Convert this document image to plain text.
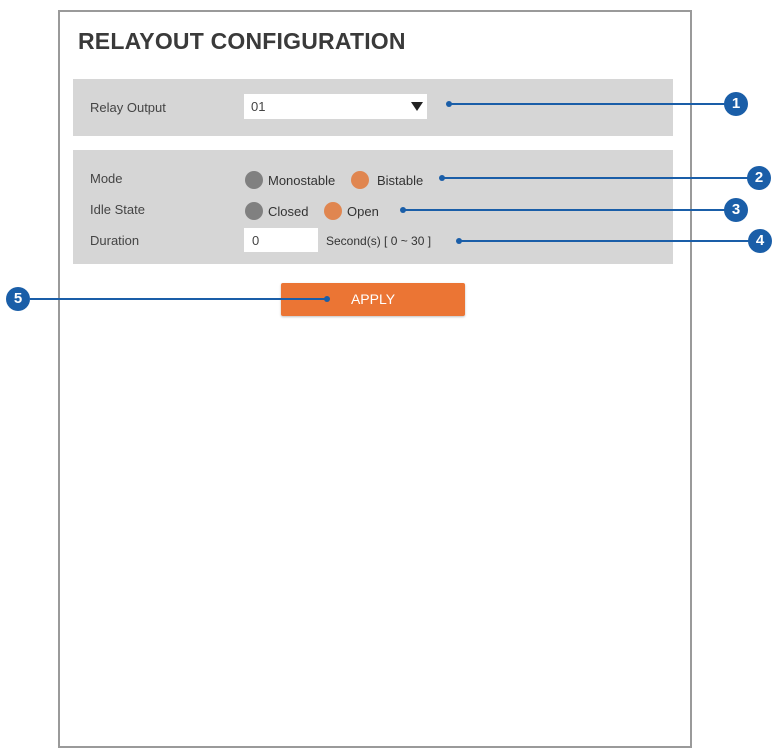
RELAYOUT CONFIGURATION
Relay Output	01
Mode	Monostable	Bistable
Idle State	Closed	Open
Duration	0	Second(s) [ 0 ~ 30 ]
APPLY
1
2
3
4
5
